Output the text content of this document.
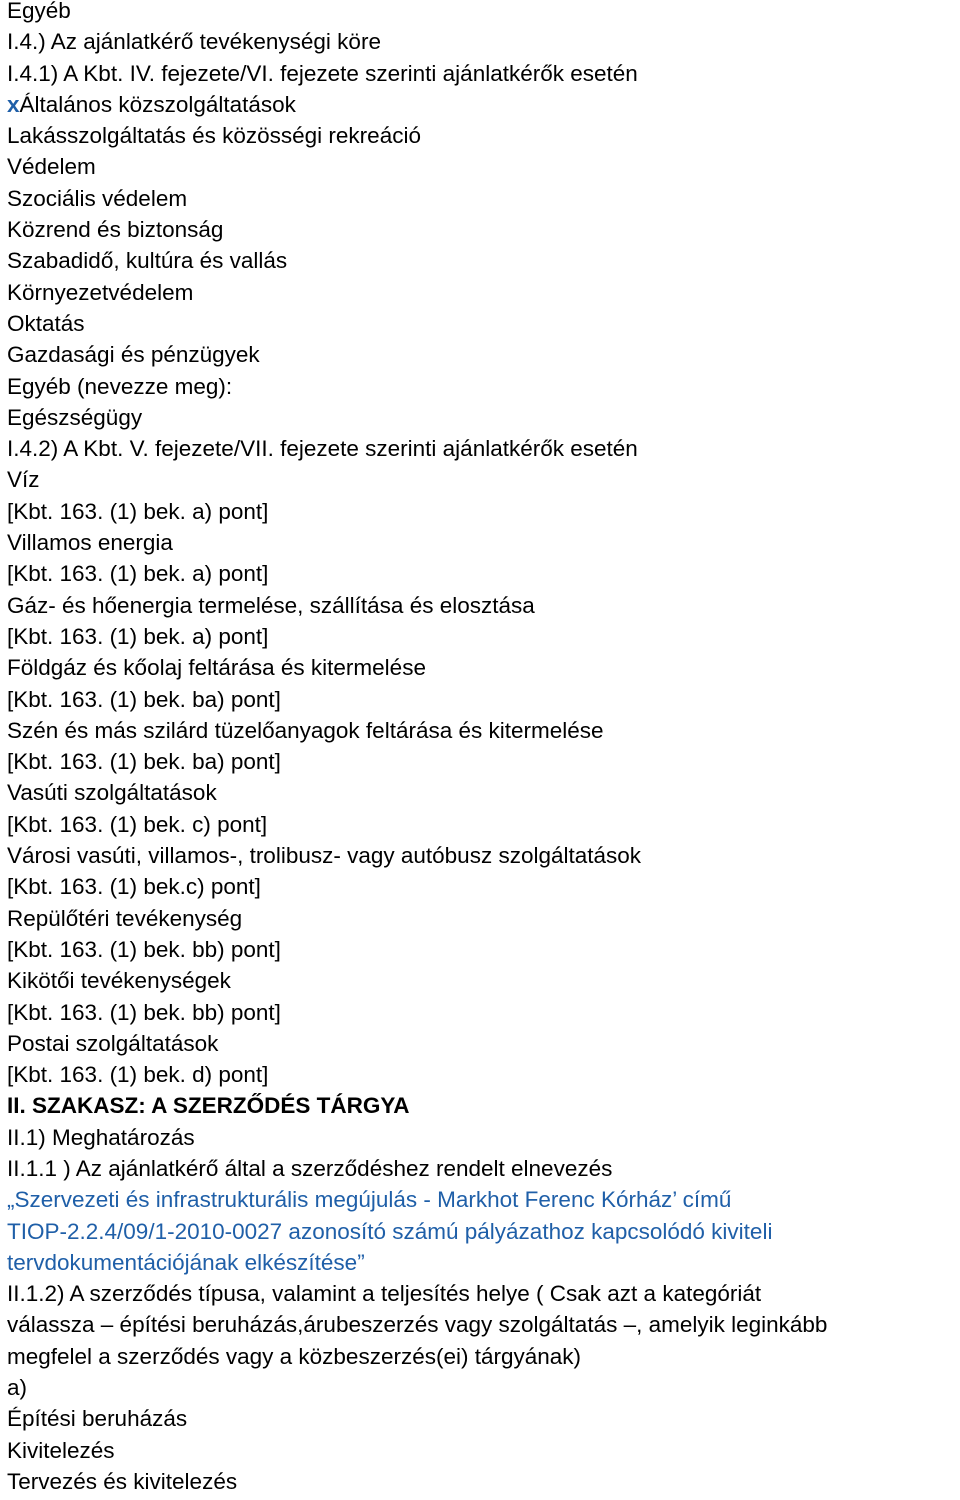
Egyéb
I.4.) Az ajánlatkérő tevékenységi köre
I.4.1) A Kbt. IV. fejezete/VI. fejezete szerinti ajánlatkérők esetén
xÁltalános közszolgáltatások
Lakásszolgáltatás és közösségi rekreáció
Védelem
Szociális védelem
Közrend és biztonság
Szabadidő, kultúra és vallás
Környezetvédelem
Oktatás
Gazdasági és pénzügyek
Egyéb (nevezze meg):
Egészségügy
I.4.2) A Kbt. V. fejezete/VII. fejezete szerinti ajánlatkérők esetén
Víz
[Kbt. 163. (1) bek. a) pont]
Villamos energia
[Kbt. 163. (1) bek. a) pont]
Gáz- és hőenergia termelése, szállítása és elosztása
[Kbt. 163. (1) bek. a) pont]
Földgáz és kőolaj feltárása és kitermelése
[Kbt. 163. (1) bek. ba) pont]
Szén és más szilárd tüzelőanyagok feltárása és kitermelése
[Kbt. 163. (1) bek. ba) pont]
Vasúti szolgáltatások
[Kbt. 163. (1) bek. c) pont]
Városi vasúti, villamos-, trolibusz- vagy autóbusz szolgáltatások
[Kbt. 163. (1) bek.c) pont]
Repülőtéri tevékenység
[Kbt. 163. (1) bek. bb) pont]
Kikötői tevékenységek
[Kbt. 163. (1) bek. bb) pont]
Postai szolgáltatások
[Kbt. 163. (1) bek. d) pont]
II. SZAKASZ: A SZERZŐDÉS TÁRGYA
II.1) Meghatározás
II.1.1 ) Az ajánlatkérő által a szerződéshez rendelt elnevezés
„Szervezeti és infrastrukturális megújulás - Markhot Ferenc Kórház’ című
TIOP-2.2.4/09/1-2010-0027 azonosító számú pályázathoz kapcsolódó kiviteli
tervdokumentációjának elkészítése”
II.1.2) A szerződés típusa, valamint a teljesítés helye ( Csak azt a kategóriát
válassza – építési beruházás,árubeszerzés vagy szolgáltatás –, amelyik leginkább
megfelel a szerződés vagy a közbeszerzés(ei) tárgyának)
a)
Építési beruházás
Kivitelezés
Tervezés és kivitelezés
